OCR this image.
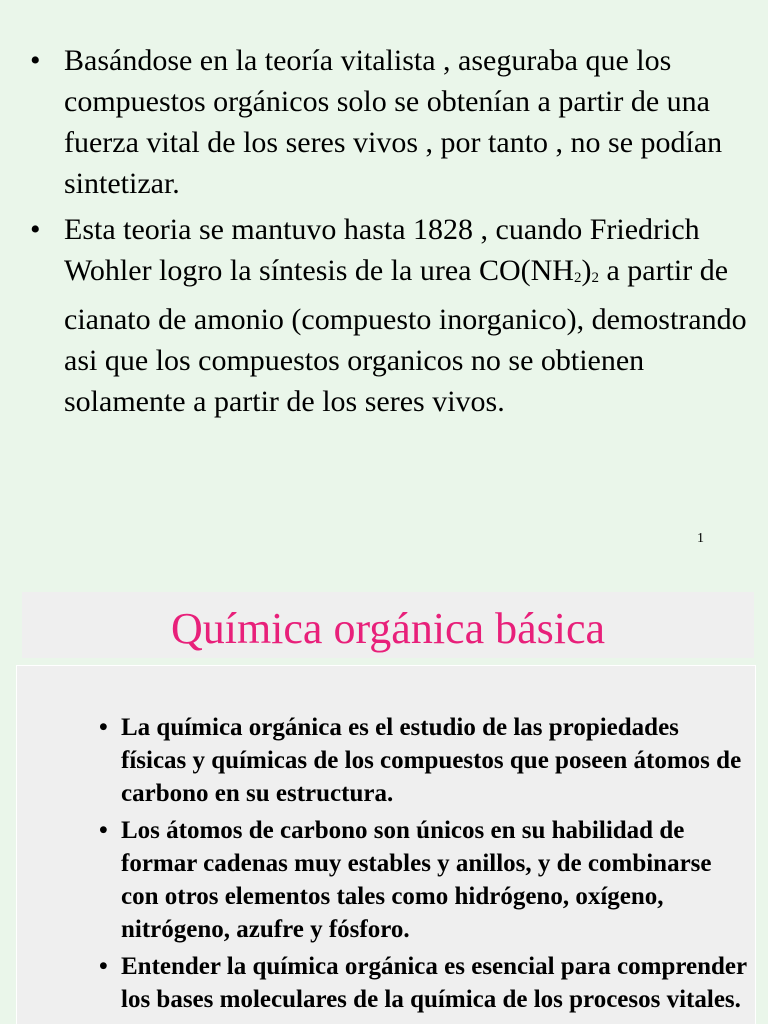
• Basándose en la teoría vitalista , aseguraba que los compuestos orgánicos solo se obtenían a partir de una fuerza vital de los seres vivos , por tanto , no se podían sintetizar.
• Esta teoria se mantuvo hasta 1828 , cuando Friedrich Wohler logro la síntesis de la urea $CO(NH_2)_2$ a partir de cianato de amonio (compuesto inorganico), demostrando asi que los compuestos organicos no se obtienen solamente a partir de los seres vivos.
1
Química orgánica básica
• La química orgánica es el estudio de las propiedades físicas y químicas de los compuestos que poseen átomos de carbono en su estructura.
• Los átomos de carbono son únicos en su habilidad de formar cadenas muy estables y anillos, y de combinarse con otros elementos tales como hidrógeno, oxígeno, nitrógeno, azufre y fósforo.
• Entender la química orgánica es esencial para comprender los bases moleculares de la química de los procesos vitales.
